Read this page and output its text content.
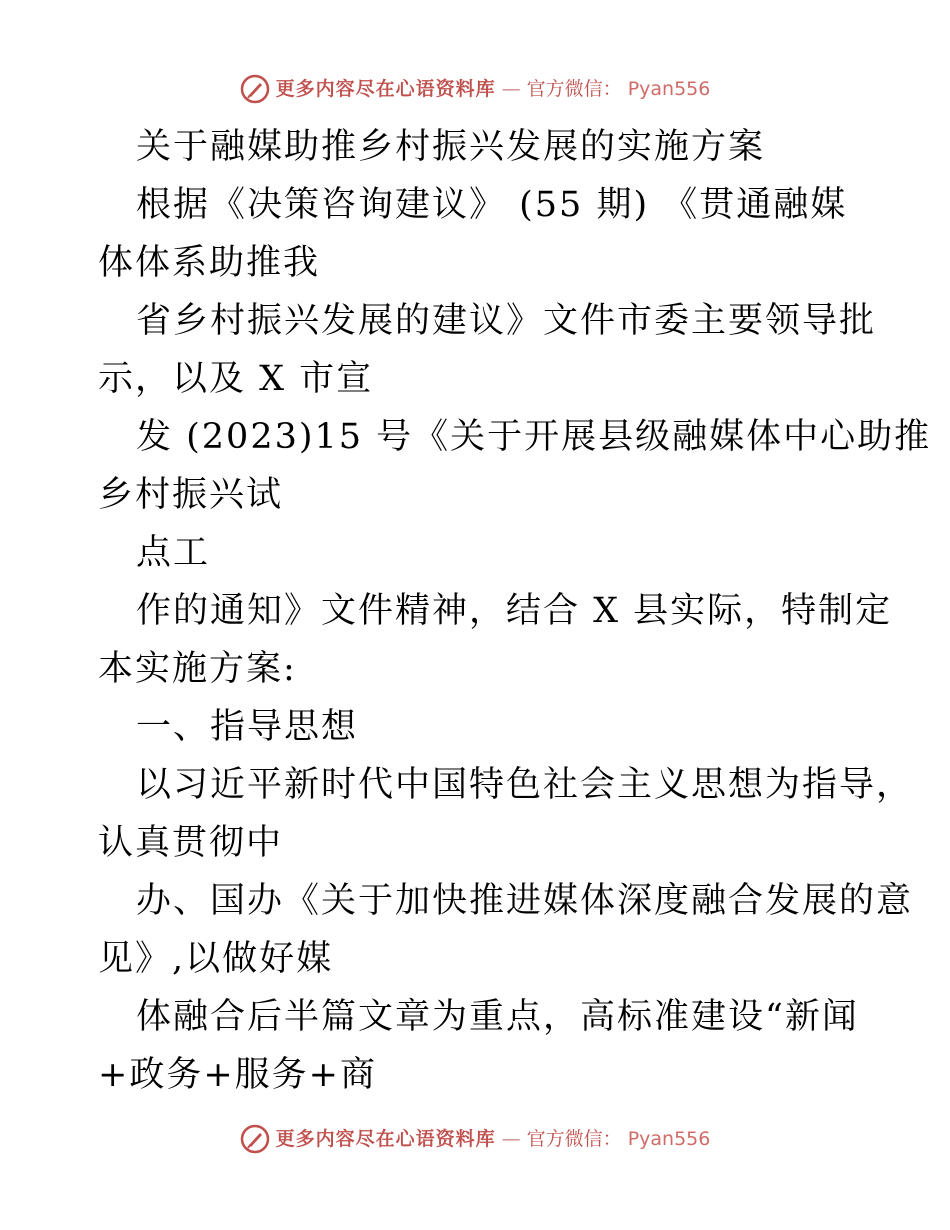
更多内容尽在心语资料库 — 官方微信： Pyan556
关于融媒助推乡村振兴发展的实施方案
根据《决策咨询建议》 (55 期) 《贯通融媒
体体系助推我
省乡村振兴发展的建议》文件市委主要领导批
示，以及 X 市宣
发 (2023)15 号《关于开展县级融媒体中心助推
乡村振兴试
点工
作的通知》文件精神，结合 X 县实际，特制定
本实施方案:
一、指导思想
以习近平新时代中国特色社会主义思想为指导，
认真贯彻中
办、国办《关于加快推进媒体深度融合发展的意
见》,以做好媒
体融合后半篇文章为重点，高标准建设“新闻
+政务+服务+商
更多内容尽在心语资料库 — 官方微信： Pyan556
